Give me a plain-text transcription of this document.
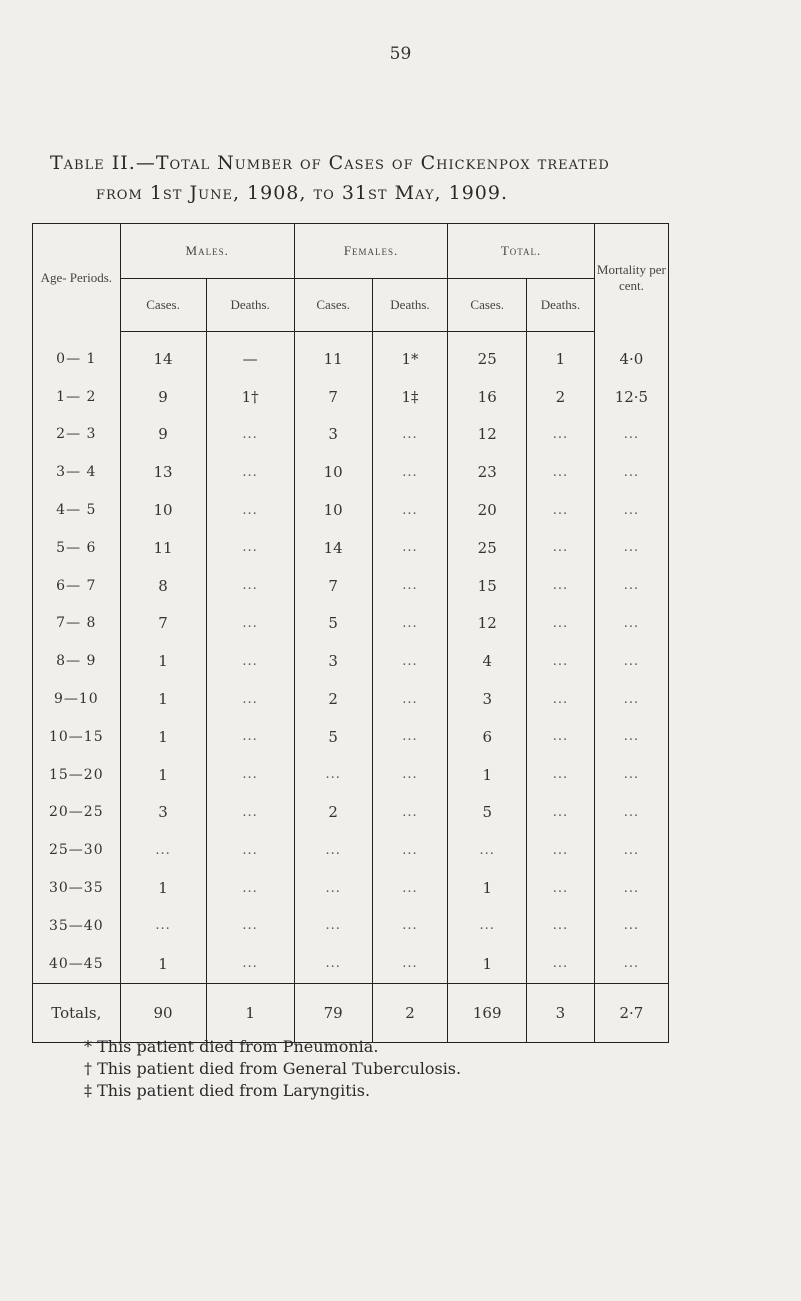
59
Table II.—Total Number of Cases of Chickenpox treated
from 1st June, 1908, to 31st May, 1909.
Age- Periods.	Males.		Females.		Total.		Mortality per cent.
	Cases.	Deaths.	Cases.	Deaths.	Cases.	Deaths.	
0— 1	14	—	11	1*	25	1	4·0
1— 2	9	1†	7	1‡	16	2	12·5
2— 3	9	...	3	...	12	...	...
3— 4	13	...	10	...	23	...	...
4— 5	10	...	10	...	20	...	...
5— 6	11	...	14	...	25	...	...
6— 7	8	...	7	...	15	...	...
7— 8	7	...	5	...	12	...	...
8— 9	1	...	3	...	4	...	...
9—10	1	...	2	...	3	...	...
10—15	1	...	5	...	6	...	...
15—20	1	...	...	...	1	...	...
20—25	3	...	2	...	5	...	...
25—30	...	...	...	...	...	...	...
30—35	1	...	...	...	1	...	...
35—40	...	...	...	...	...	...	...
40—45	1	...	...	...	1	...	...
Totals,	90	1	79	2	169	3	2·7
* This patient died from Pneumonia.
† This patient died from General Tuberculosis.
‡ This patient died from Laryngitis.
